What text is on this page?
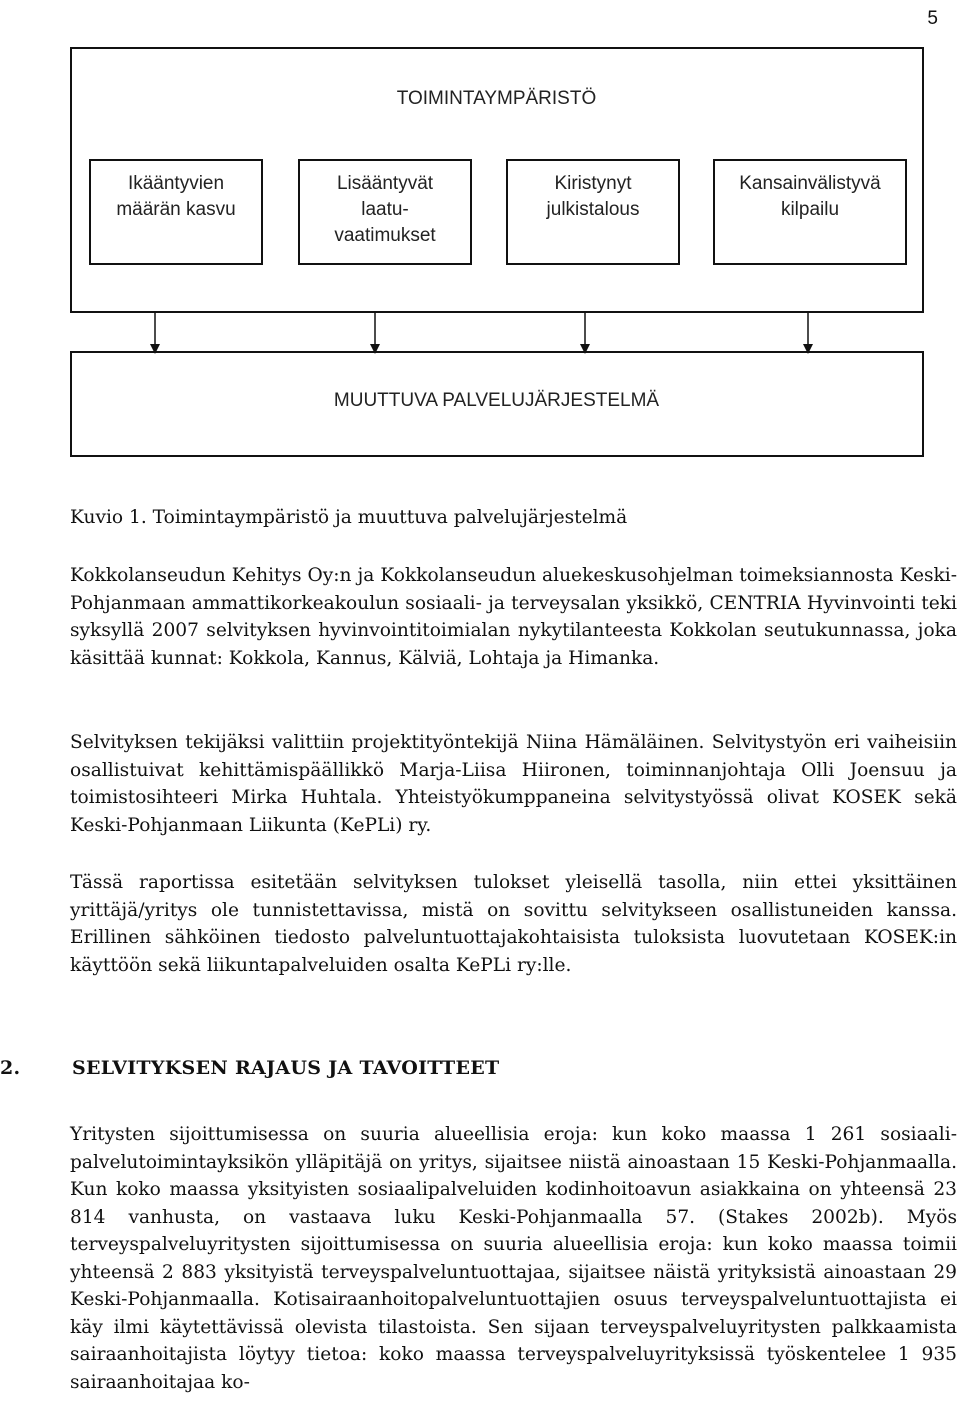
5
TOIMINTAYMPÄRISTÖ
Ikääntyvien
määrän kasvu
Lisääntyvät
laatu-
vaatimukset
Kiristynyt
julkistalous
Kansainvälistyvä
kilpailu
MUUTTUVA PALVELUJÄRJESTELMÄ

Kuvio 1. Toimintaympäristö ja muuttuva palvelujärjestelmä

Kokkolanseudun Kehitys Oy:n ja Kokkolanseudun aluekeskusohjelman toimeksiannosta Keski-Pohjanmaan ammattikorkeakoulun sosiaali- ja terveysalan yksikkö, CENTRIA Hyvinvointi teki syksyllä 2007 selvityksen hyvinvointitoimialan nykytilanteesta Kokkolan seutukunnassa, joka käsittää kunnat: Kokkola, Kannus, Kälviä, Lohtaja ja Himanka.

Selvityksen tekijäksi valittiin projektityöntekijä Niina Hämäläinen. Selvitystyön eri vaiheisiin osallistuivat kehittämispäällikkö Marja-Liisa Hiironen, toiminnanjohtaja Olli Joensuu ja toimistosihteeri Mirka Huhtala. Yhteistyökumppaneina selvitystyössä olivat KOSEK sekä Keski-Pohjanmaan Liikunta (KePLi) ry.

Tässä raportissa esitetään selvityksen tulokset yleisellä tasolla, niin ettei yksittäinen yrittäjä/yritys ole tunnistettavissa, mistä on sovittu selvitykseen osallistuneiden kanssa. Erillinen sähköinen tiedosto palveluntuottajakohtaisista tuloksista luovutetaan KOSEK:in käyttöön sekä liikuntapalveluiden osalta KePLi ry:lle.

2.	SELVITYKSEN RAJAUS JA TAVOITTEET

Yritysten sijoittumisessa on suuria alueellisia eroja: kun koko maassa 1 261 sosiaalipalvelutoimintayksikön ylläpitäjä on yritys, sijaitsee niistä ainoastaan 15 Keski-Pohjanmaalla. Kun koko maassa yksityisten sosiaalipalveluiden kodinhoitoavun asiakkaina on yhteensä 23 814 vanhusta, on vastaava luku Keski-Pohjanmaalla 57. (Stakes 2002b). Myös terveyspalveluyritysten sijoittumisessa on suuria alueellisia eroja: kun koko maassa toimii yhteensä 2 883 yksityistä terveyspalveluntuottajaa, sijaitsee näistä yrityksistä ainoastaan 29 Keski-Pohjanmaalla. Kotisairaanhoitopalveluntuottajien osuus terveyspalveluntuottajista ei käy ilmi käytettävissä olevista tilastoista. Sen sijaan terveyspalveluyritysten palkkaamista sairaanhoitajista löytyy tietoa: koko maassa terveyspalveluyrityksissä työskentelee 1 935 sairaanhoitajaa ko-
